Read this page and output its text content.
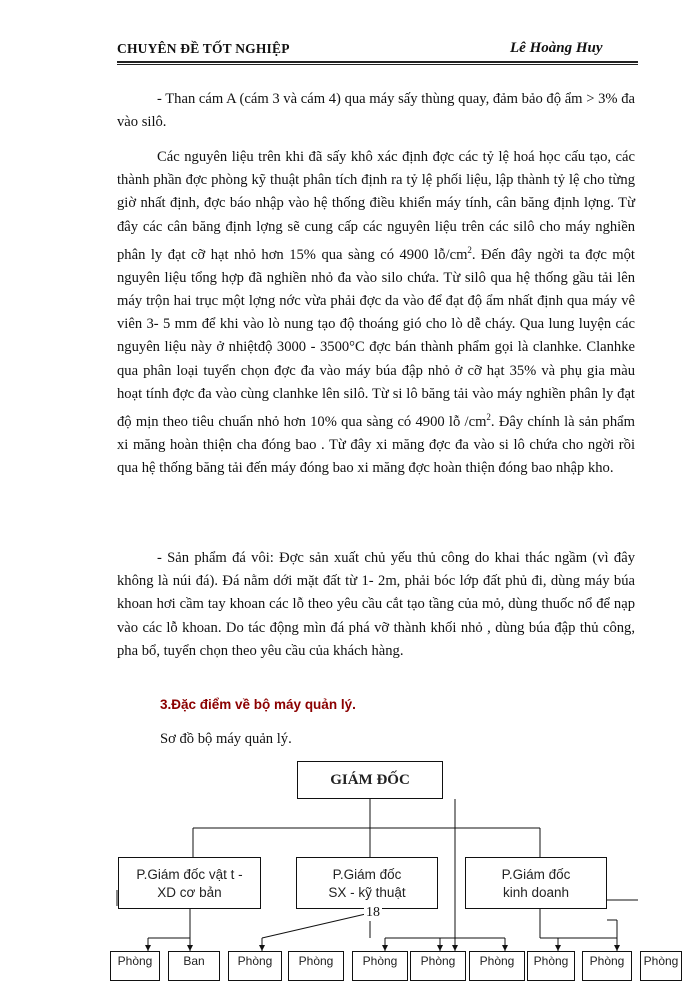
CHUYÊN ĐỀ TỐT NGHIỆP	Lê Hoàng Huy
- Than cám A (cám 3 và cám 4) qua máy sấy thùng quay, đảm bảo độ ẩm > 3% đa vào silô.
Các nguyên liệu trên khi đã sấy khô xác định đợc các tỷ lệ hoá học cấu tạo, các thành phần đợc phòng kỹ thuật phân tích định ra tỷ lệ phối liệu, lập thành tỷ lệ cho từng giờ nhất định, đợc báo nhập vào hệ thống điều khiển máy tính, cân băng định lợng. Từ đây các cân băng định lợng sẽ cung cấp các nguyên liệu trên các silô cho máy nghiền phân ly đạt cỡ hạt nhỏ hơn 15% qua sàng có 4900 $lỗ/cm^2$. Đến đây ngời ta đợc một nguyên liệu tổng hợp đã nghiền nhỏ đa vào silo chứa. Từ silô qua hệ thống gầu tải lên máy trộn hai trục một lợng nớc vừa phải đợc da vào để đạt độ ẩm nhất định qua máy vê viên 3- 5 mm để khi vào lò nung tạo độ thoáng gió cho lò dễ cháy. Qua lung luyện các nguyên liệu này ở nhiệtđộ 3000 - 3500°C đợc bán thành phẩm gọi là clanhke. Clanhke qua phân loại tuyển chọn đợc đa vào máy búa đập nhỏ ở cỡ hạt 35% và phụ gia màu hoạt tính đợc đa vào cùng clanhke lên silô. Từ si lô băng tải vào máy nghiền phân ly đạt độ mịn theo tiêu chuẩn nhỏ hơn 10% qua sàng có 4900 lỗ $/cm^2$. Đây chính là sản phẩm xi măng hoàn thiện cha đóng bao . Từ đây xi măng đợc đa vào si lô chứa cho ngời rồi qua hệ thống băng tải đến máy đóng bao xi măng đợc hoàn thiện đóng bao nhập kho.
- Sản phẩm đá vôi: Đợc sản xuất chủ yếu thủ công do khai thác ngầm (vì đây không là núi đá). Đá nằm dới mặt đất từ 1- 2m, phải bóc lớp đất phủ đi, dùng máy búa khoan hơi cầm tay khoan các lỗ theo yêu cầu cắt tạo tầng của mỏ, dùng thuốc nổ để nạp vào các lỗ khoan. Do tác động mìn đá phá vỡ thành khối nhỏ , dùng búa đập thủ công, pha bổ, tuyển chọn theo yêu cầu của khách hàng.
3.Đặc điểm về bộ máy quản lý.
Sơ đồ bộ máy quản lý.
GIÁM ĐỐC
P.Giám đốc vật t -
XD cơ bản
P.Giám đốc
SX - kỹ thuật
P.Giám đốc
kinh doanh
18
Phòng	Ban	Phòng	Phòng	Phòng	Phòng	Phòng	Phòng	Phòng	Phòng
